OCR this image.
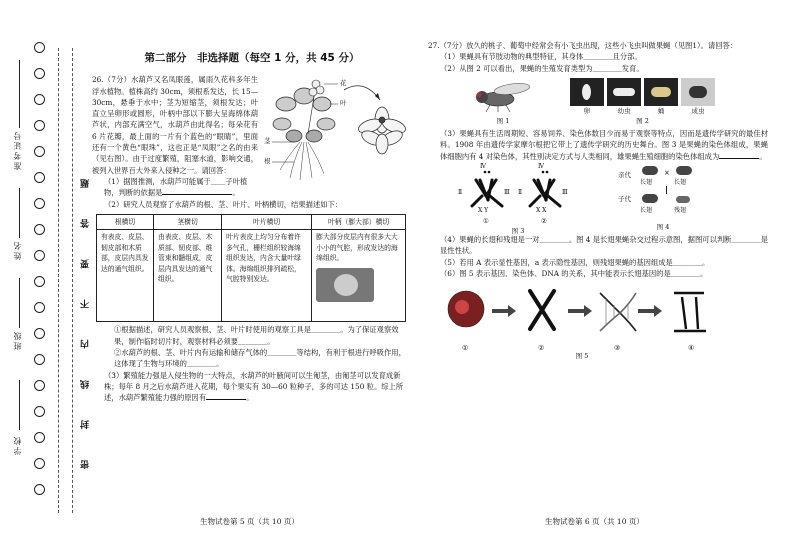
学校
班级
姓名
准考证号
密 封 线 内 不 要 答 题
第二部分　非选择题（每空 1 分，共 45 分）
花
叶
茎
根

26.（7分）水葫芦又名凤眼莲，属雨久花科多年生浮水植物。植株高约 30cm，须根系发达，长 15—30cm，悬垂于水中；茎为短缩茎，须根发达；叶直立呈卵形或圆形，叶柄中部以下膨大呈海绵体葫芦状，内部充满空气，水葫芦由此得名；每朵花有 6 片花瓣，最上面的一片有个蓝色的“眼睛”，里面还有一个黄色“眼珠”，这也正是“凤眼”之名的由来（见右图）。由于过度繁殖，阻塞水道，影响交通，被列入世界百大外来入侵种之一。请回答：

（1）据图推测，水葫芦可能属于＿＿子叶植物，判断的依据是	。

（2）研究人员观察了水葫芦的根、茎、叶片、叶柄横切，结果描述如下：

根横切	茎横切	叶片横切	叶柄（膨大部）横切
有表皮、皮层、韧皮部和木质部，皮层内具发达的通气组织。	由表皮、皮层、木质部、韧皮部、维管束和髓组成，皮层内具发达的通气组织。	叶片表皮上均匀分布着许多气孔，栅栏组织较海绵组织发达，内含大量叶绿体。海绵组织排列疏松，气腔特别发达。	膨大部分皮层内有很多大大小小的气腔，形成发达的海绵组织。

①根据描述，研究人员观察根、茎、叶片时使用的观察工具是＿＿＿＿。为了保证观察效果，制作临时切片时，观察材料必须要＿＿＿＿。

②水葫芦的根、茎、叶片内有运输和储存气体的＿＿＿＿等结构，有利于根进行呼吸作用，这体现了生物与环境的＿＿＿＿。

（3）繁殖能力强是入侵生物的一大特点，水葫芦的叶腋间可以生匍茎，由匍茎可以发育成新株；每年 8 月之后水葫芦进入花期，每个果实有 30—60 粒种子，多的可达 150 粒。综上所述，水葫芦繁殖能力强的原因有	。

生物试卷第 5 页（共 10 页）

27.（7分）放久的桃子、葡萄中经常会有小飞虫出现，这些小飞虫叫做果蝇（见图1）。请回答：

（1）果蝇具有节肢动物的典型特征，其身体＿＿＿＿且分部。

（2）从图 2 可以看出，果蝇的生殖发育类型为＿＿＿＿发育。

图 1
卵	幼虫	蛹	成虫
图 2

（3）果蝇具有生活周期短、容易饲养、染色体数目少而易于观察等特点，因而是遗传学研究的最佳材料。1908 年由遗传学家摩尔根把它带上了遗传学研究的历史舞台。图 3 是果蝇的染色体组成，果蝇体细胞内有 4 对染色体，其性别决定方式与人类相同，雄果蝇生殖细胞的染色体组成为	。

Ⅳ
Ⅱ	Ⅲ
X Y
①
Ⅳ
Ⅱ	Ⅲ
X X
②
图 3
亲代
长翅
×
长翅
子代
长翅	残翅
图 4

（4）果蝇的长翅和残翅是一对＿＿＿＿。图 4 是长翅果蝇杂交过程示意图，据图可以判断＿＿＿＿是显性性状。

（5）若用 A 表示显性基因，a 表示隐性基因，则残翅果蝇的基因组成是＿＿＿＿。

（6）图 5 表示基因、染色体、DNA 的关系，其中能表示长翅基因的是＿＿＿＿。

①	②	③	④
图 5
生物试卷第 6 页（共 10 页）
